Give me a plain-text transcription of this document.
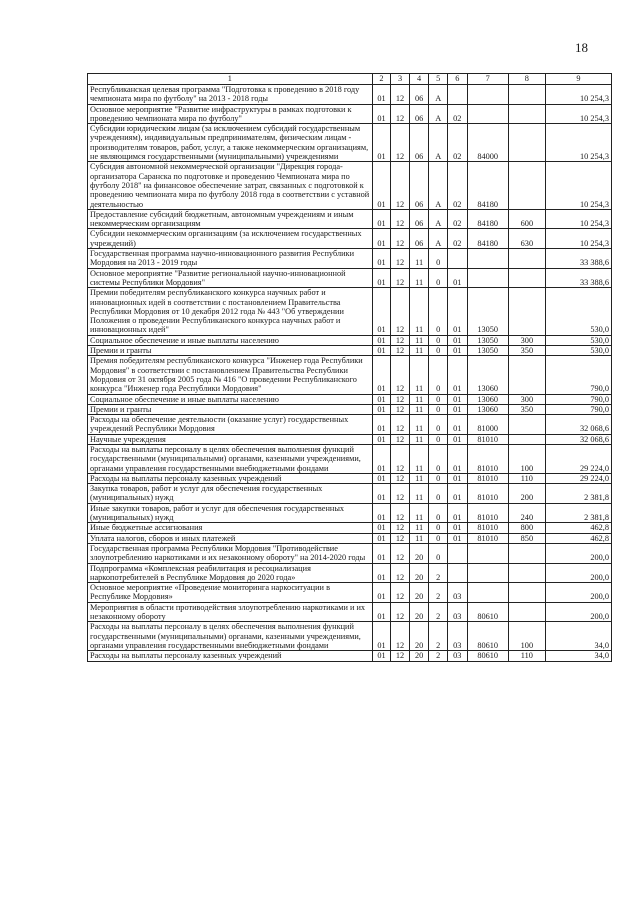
18
1	2	3	4	5	6	7	8	9
Республиканская целевая программа "Подготовка к проведению в 2018 году чемпионата мира по футболу" на 2013 - 2018 годы	01	12	06	А				10 254,3
Основное мероприятие "Развитие инфраструктуры в рамках подготовки к проведению чемпионата мира по футболу"	01	12	06	А	02			10 254,3
Субсидии юридическим лицам (за исключением субсидий государственным учреждениям), индивидуальным предпринимателям, физическим лицам - производителям товаров, работ, услуг, а также некоммерческим организациям, не являющимся государственными (муниципальными) учреждениями	01	12	06	А	02	84000		10 254,3
Субсидия автономной некоммерческой организации "Дирекция города-организатора Саранска по подготовке и проведению Чемпионата мира по футболу 2018" на финансовое обеспечение затрат, связанных с подготовкой к проведению чемпионата мира по футболу 2018 года в соответствии с уставной деятельностью	01	12	06	А	02	84180		10 254,3
Предоставление субсидий бюджетным, автономным учреждениям и иным некоммерческим организациям	01	12	06	А	02	84180	600	10 254,3
Субсидии некоммерческим организациям (за исключением государственных учреждений)	01	12	06	А	02	84180	630	10 254,3
Государственная программа научно-инновационного развития Республики Мордовия на 2013 - 2019 годы	01	12	11	0				33 388,6
Основное мероприятие "Развитие региональной научно-инновационной системы Республики Мордовия"	01	12	11	0	01			33 388,6
Премии победителям республиканского конкурса научных работ и инновационных идей в соответствии с постановлением Правительства Республики Мордовия от 10 декабря 2012 года № 443 "Об утверждении Положения о проведении Республиканского конкурса научных работ и инновационных идей"	01	12	11	0	01	13050		530,0
Социальное обеспечение и иные выплаты населению	01	12	11	0	01	13050	300	530,0
Премии и гранты	01	12	11	0	01	13050	350	530,0
Премия победителям республиканского конкурса "Инженер года Республики Мордовия" в соответствии с постановлением Правительства Республики Мордовия от 31 октября 2005 года № 416 "О проведении Республиканского конкурса "Инженер года Республики Мордовия"	01	12	11	0	01	13060		790,0
Социальное обеспечение и иные выплаты населению	01	12	11	0	01	13060	300	790,0
Премии и гранты	01	12	11	0	01	13060	350	790,0
Расходы на обеспечение деятельности (оказание услуг) государственных учреждений Республики Мордовия	01	12	11	0	01	81000		32 068,6
Научные учреждения	01	12	11	0	01	81010		32 068,6
Расходы на выплаты персоналу в целях обеспечения выполнения функций государственными (муниципальными) органами, казенными учреждениями, органами управления государственными внебюджетными фондами	01	12	11	0	01	81010	100	29 224,0
Расходы на выплаты персоналу казенных учреждений	01	12	11	0	01	81010	110	29 224,0
Закупка товаров, работ и услуг для обеспечения государственных (муниципальных) нужд	01	12	11	0	01	81010	200	2 381,8
Иные закупки товаров, работ и услуг для обеспечения государственных (муниципальных) нужд	01	12	11	0	01	81010	240	2 381,8
Иные бюджетные ассигнования	01	12	11	0	01	81010	800	462,8
Уплата налогов, сборов и иных платежей	01	12	11	0	01	81010	850	462,8
Государственная программа Республики Мордовия "Противодействие злоупотреблению наркотиками и их незаконному обороту" на 2014-2020 годы	01	12	20	0				200,0
Подпрограмма «Комплексная реабилитация и ресоциализация наркопотребителей в Республике Мордовия до 2020 года»	01	12	20	2				200,0
Основное мероприятие «Проведение мониторинга наркоситуации в Республике Мордовия»	01	12	20	2	03			200,0
Мероприятия в области противодействия злоупотреблению наркотиками и их незаконному обороту	01	12	20	2	03	80610		200,0
Расходы на выплаты персоналу в целях обеспечения выполнения функций государственными (муниципальными) органами, казенными учреждениями, органами управления государственными внебюджетными фондами	01	12	20	2	03	80610	100	34,0
Расходы на выплаты персоналу казенных учреждений	01	12	20	2	03	80610	110	34,0
